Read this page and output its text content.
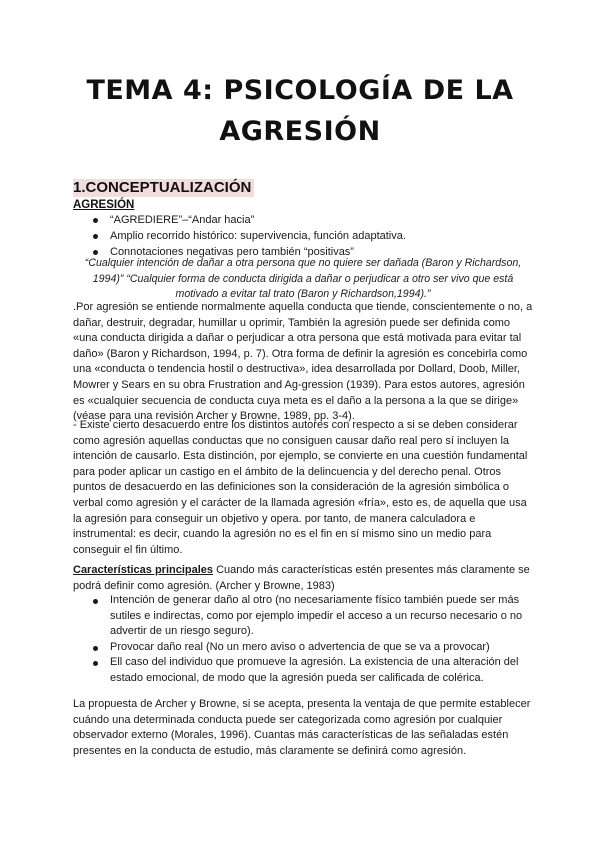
TEMA 4: PSICOLOGÍA DE LA AGRESIÓN
1.CONCEPTUALIZACIÓN
AGRESIÓN
“AGREDIERE”–“Andar hacia”
Amplio recorrido histórico: supervivencia, función adaptativa.
Connotaciones negativas pero también “positivas”
“Cualquier intención de dañar a otra persona que no quiere ser dañada (Baron y Richardson, 1994)” “Cualquier forma de conducta dirigida a dañar o perjudicar a otro ser vivo que está motivado a evitar tal trato (Baron y Richardson,1994).”

.Por agresión se entiende normalmente aquella conducta que tiende, conscientemente o no, a dañar, destruir, degradar, humillar u oprimir, También la agresión puede ser definida como «una conducta dirigida a dañar o perjudicar a otra persona que está motivada para evitar tal daño» (Baron y Richardson, 1994, p. 7). Otra forma de definir la agresión es concebirla como una «conducta o tendencia hostil o destructiva», idea desarrollada por Dollard, Doob, Miller, Mowrer y Sears en su obra Frustration and Ag-gression (1939). Para estos autores, agresión es «cualquier secuencia de conducta cuya meta es el daño a la persona a la que se dirige» (véase para una revisión Archer y Browne, 1989, pp. 3-4).

- Existe cierto desacuerdo entre los distintos autores con respecto a si se deben considerar como agresión aquellas conductas que no consiguen causar daño real pero sí incluyen la intención de causarlo. Esta distinción, por ejemplo, se convierte en una cuestión fundamental para poder aplicar un castigo en el ámbito de la delincuencia y del derecho penal. Otros puntos de desacuerdo en las definiciones son la consideración de la agresión simbólica o verbal como agresión y el carácter de la llamada agresión «fría», esto es, de aquella que usa la agresión para conseguir un objetivo y opera. por tanto, de manera calculadora e instrumental: es decir, cuando la agresión no es el fin en sí mismo sino un medio para conseguir el fin último.

Características principales Cuando más características estén presentes más claramente se podrá definir como agresión. (Archer y Browne, 1983)
Intención de generar daño al otro (no necesariamente físico también puede ser más sutiles e indirectas, como por ejemplo impedir el acceso a un recurso necesario o no advertir de un riesgo seguro).
Provocar daño real (No un mero aviso o advertencia de que se va a provocar)
Ell caso del individuo que promueve la agresión. La existencia de una alteración del estado emocional, de modo que la agresión pueda ser calificada de colérica.

La propuesta de Archer y Browne, si se acepta, presenta la ventaja de que permite establecer cuándo una determinada conducta puede ser categorizada como agresión por cualquier observador externo (Morales, 1996). Cuantas más características de las señaladas estén presentes en la conducta de estudio, más claramente se definirá como agresión.
